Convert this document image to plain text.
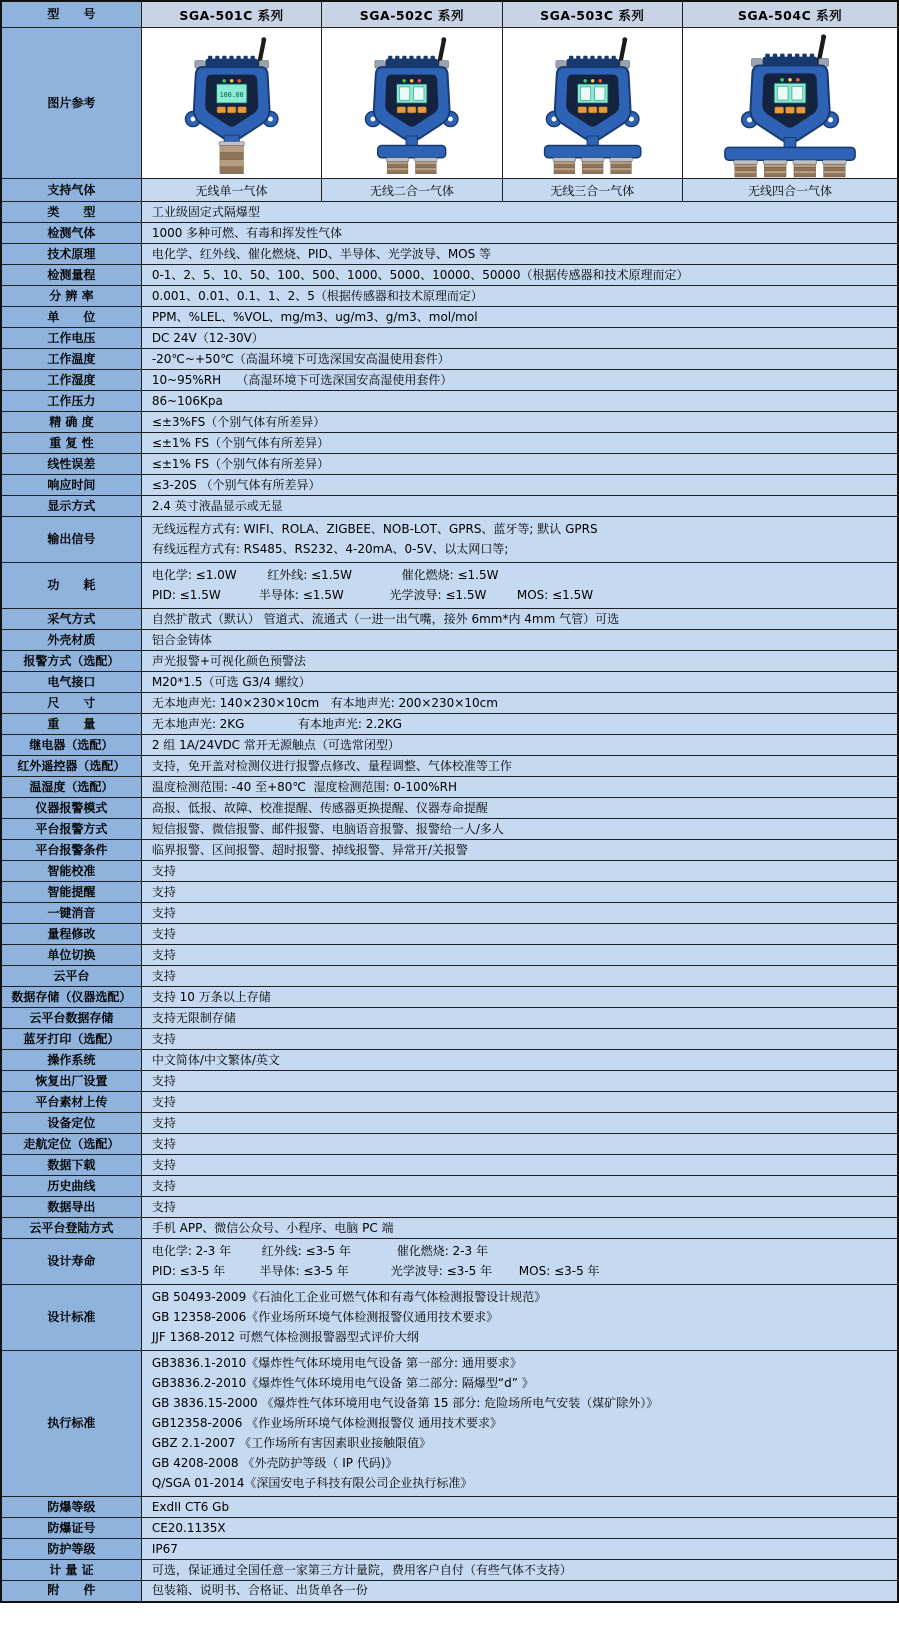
型　　号	SGA-501C 系列	SGA-502C 系列	SGA-503C 系列	SGA-504C 系列
图片参考	100.00

支持气体	无线单一气体	无线二合一气体	无线三合一气体	无线四合一气体
类　　型	工业级固定式隔爆型			
检测气体	1000 多种可燃、有毒和挥发性气体			
技术原理	电化学、红外线、催化燃烧、PID、半导体、光学波导、MOS 等			
检测量程	0-1、2、5、10、50、100、500、1000、5000、10000、50000（根据传感器和技术原理而定）			
分 辨 率	0.001、0.01、0.1、1、2、5（根据传感器和技术原理而定）			
单　　位	PPM、%LEL、%VOL、mg/m3、ug/m3、g/m3、mol/mol			
工作电压	DC 24V（12-30V）			
工作温度	-20℃~+50℃（高温环境下可选深国安高温使用套件）			
工作湿度	10~95%RH    （高湿环境下可选深国安高湿使用套件）			
工作压力	86~106Kpa			
精 确 度	≤±3%FS（个别气体有所差异）			
重 复 性	≤±1% FS（个别气体有所差异）			
线性误差	≤±1% FS（个别气体有所差异）			
响应时间	≤3-20S （个别气体有所差异）			
显示方式	2.4 英寸液晶显示或无显			
输出信号	无线远程方式有: WIFI、ROLA、ZIGBEE、NOB-LOT、GPRS、蓝牙等; 默认 GPRS
有线远程方式有: RS485、RS232、4-20mA、0-5V、以太网口等;			

功　　耗	电化学: ≤1.0W        红外线: ≤1.5W             催化燃烧: ≤1.5W
PID: ≤1.5W          半导体: ≤1.5W            光学波导: ≤1.5W        MOS: ≤1.5W			

采气方式	自然扩散式（默认） 管道式、流通式（一进一出气嘴，接外 6mm*内 4mm 气管）可选			
外壳材质	铝合金铸体			
报警方式（选配）	声光报警+可视化颜色预警法			
电气接口	M20*1.5（可选 G3/4 螺纹）			
尺　　寸	无本地声光: 140×230×10cm   有本地声光: 200×230×10cm			
重　　量	无本地声光: 2KG              有本地声光: 2.2KG			
继电器（选配）	2 组 1A/24VDC 常开无源触点（可选常闭型）			
红外遥控器（选配）	支持，免开盖对检测仪进行报警点修改、量程调整、气体校准等工作			
温湿度（选配）	温度检测范围: -40 至+80℃  湿度检测范围: 0-100%RH			
仪器报警模式	高报、低报、故障、校准提醒、传感器更换提醒、仪器寿命提醒			
平台报警方式	短信报警、微信报警、邮件报警、电脑语音报警、报警给一人/多人			
平台报警条件	临界报警、区间报警、超时报警、掉线报警、异常开/关报警			
智能校准	支持			
智能提醒	支持			
一键消音	支持			
量程修改	支持			
单位切换	支持			
云平台	支持			
数据存储（仪器选配）	支持 10 万条以上存储			
云平台数据存储	支持无限制存储			
蓝牙打印（选配）	支持			
操作系统	中文简体/中文繁体/英文			
恢复出厂设置	支持			
平台素材上传	支持			
设备定位	支持			
走航定位（选配）	支持			
数据下载	支持			
历史曲线	支持			
数据导出	支持			
云平台登陆方式	手机 APP、微信公众号、小程序、电脑 PC 端			
设计寿命	电化学: 2-3 年        红外线: ≤3-5 年            催化燃烧: 2-3 年
PID: ≤3-5 年         半导体: ≤3-5 年           光学波导: ≤3-5 年       MOS: ≤3-5 年			

设计标准	GB 50493-2009《石油化工企业可燃气体和有毒气体检测报警设计规范》
GB 12358-2006《作业场所环境气体检测报警仪通用技术要求》
JJF 1368-2012 可燃气体检测报警器型式评价大纲			

执行标准	
GB3836.1-2010《爆炸性气体环境用电气设备 第一部分: 通用要求》
GB3836.2-2010《爆炸性气体环境用电气设备 第二部分: 隔爆型“d” 》
GB 3836.15-2000 《爆炸性气体环境用电气设备第 15 部分: 危险场所电气安装（煤矿除外）》
GB12358-2006 《作业场所环境气体检测报警仪 通用技术要求》
GBZ 2.1-2007 《工作场所有害因素职业接触限值》
GB 4208-2008 《外壳防护等级（ IP 代码)》
Q/SGA 01-2014《深国安电子科技有限公司企业执行标准》

防爆等级	ExdII CT6 Gb			
防爆证号	CE20.1135X			
防护等级	IP67			
计 量 证	可选，保证通过全国任意一家第三方计量院，费用客户自付（有些气体不支持）			
附　　件	包装箱、说明书、合格证、出货单各一份			
